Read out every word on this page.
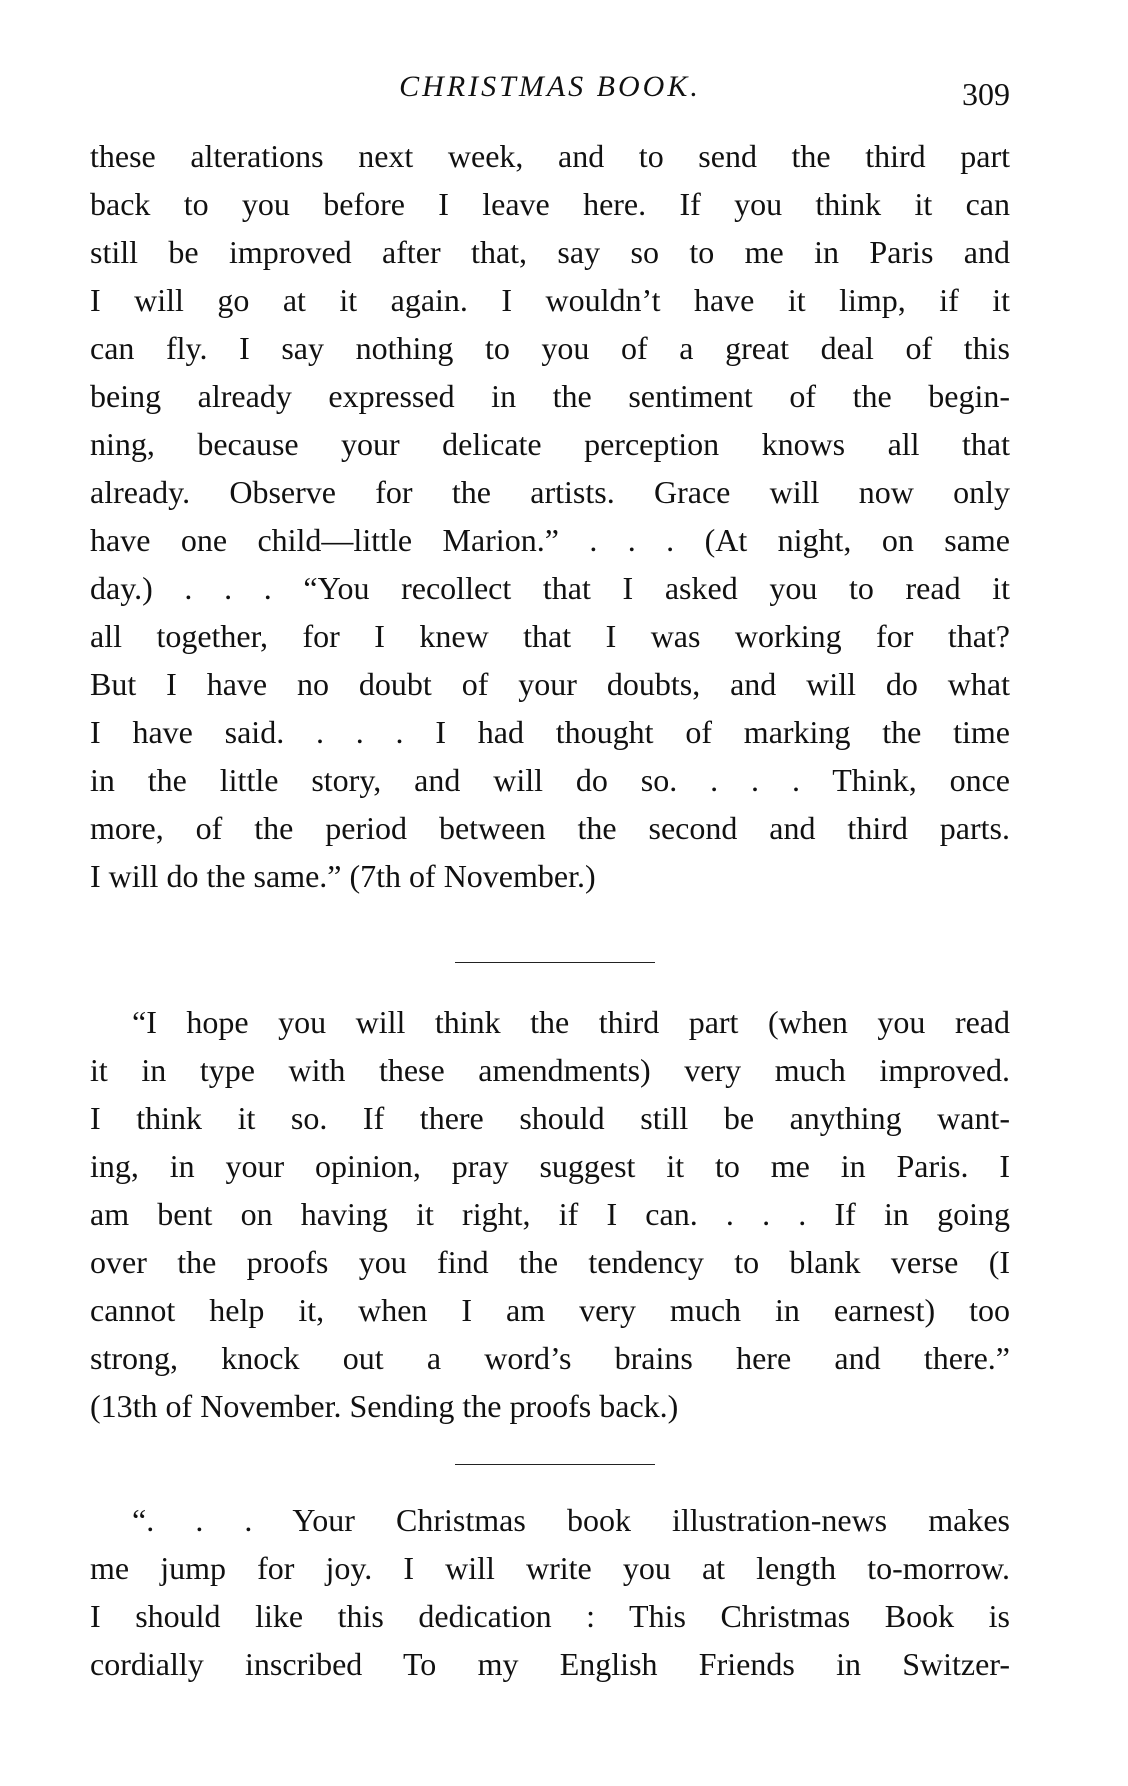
CHRISTMAS BOOK.	309
these alterations next week, and to send the third part
back to you before I leave here. If you think it can
still be improved after that, say so to me in Paris and
I will go at it again. I wouldn’t have it limp, if it
can fly. I say nothing to you of a great deal of this
being already expressed in the sentiment of the begin-
ning, because your delicate perception knows all that
already. Observe for the artists. Grace will now only
have one child—little Marion.” . . . (At night, on same
day.) . . . “You recollect that I asked you to read it
all together, for I knew that I was working for that?
But I have no doubt of your doubts, and will do what
I have said. . . . I had thought of marking the time
in the little story, and will do so. . . . Think, once
more, of the period between the second and third parts.
I will do the same.” (7th of November.)
“I hope you will think the third part (when you read
it in type with these amendments) very much improved.
I think it so. If there should still be anything want-
ing, in your opinion, pray suggest it to me in Paris. I
am bent on having it right, if I can. . . . If in going
over the proofs you find the tendency to blank verse (I
cannot help it, when I am very much in earnest) too
strong, knock out a word’s brains here and there.”
(13th of November. Sending the proofs back.)
“. . . Your Christmas book illustration-news makes
me jump for joy. I will write you at length to-morrow.
I should like this dedication : This Christmas Book is
cordially inscribed To my English Friends in Switzer-
